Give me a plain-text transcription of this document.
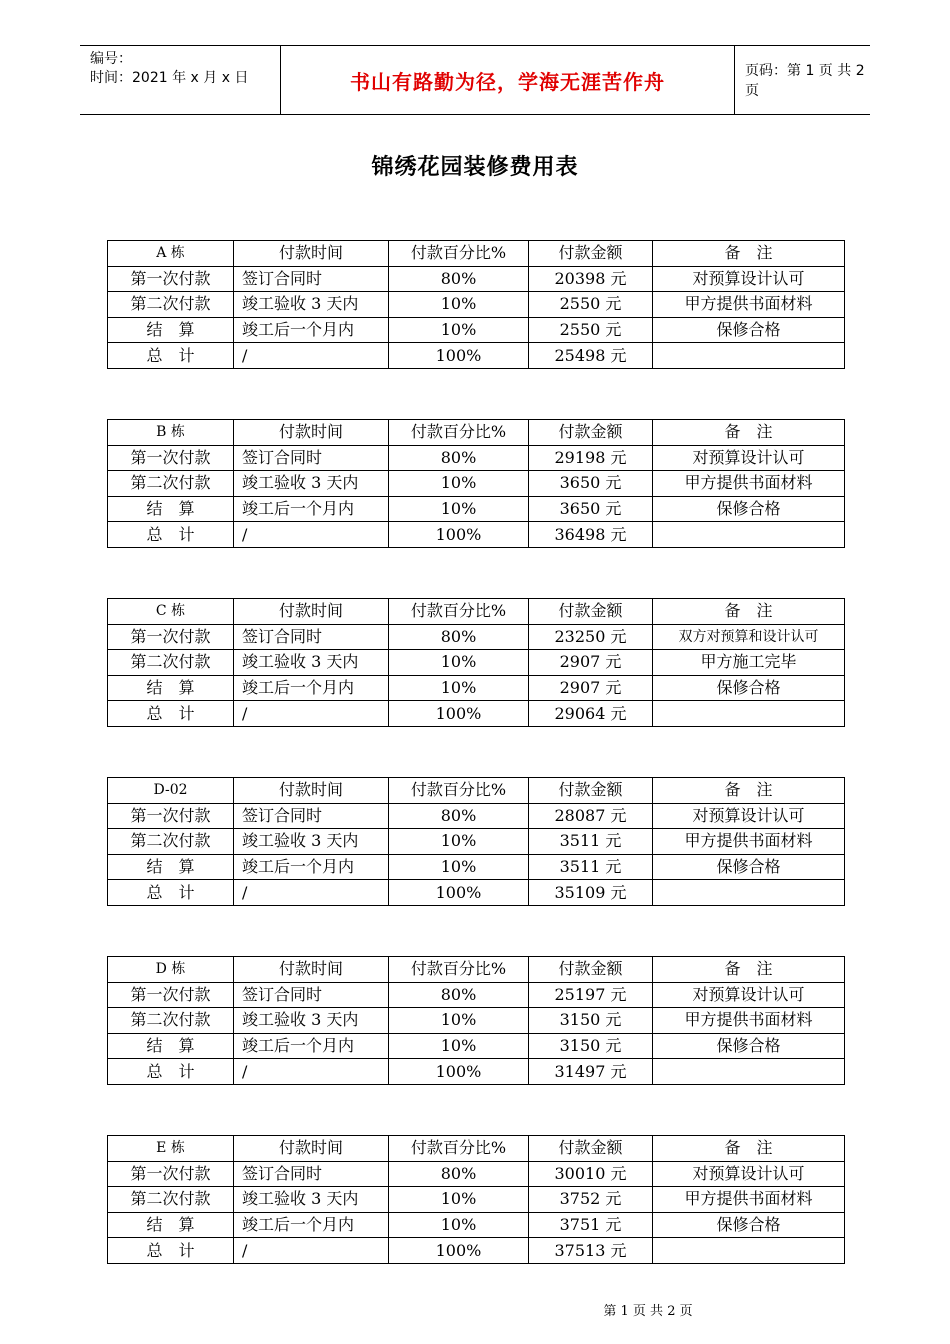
编号：
时间：2021 年 x 月 x 日	书山有路勤为径，学海无涯苦作舟	页码：第 1 页 共 2 页
锦绣花园装修费用表
A 栋	付款时间	付款百分比%	付款金额	备　注
第一次付款	签订合同时	80%	20398 元	对预算设计认可
第二次付款	竣工验收 3 天内	10%	2550 元	甲方提供书面材料
结　算	竣工后一个月内	10%	2550 元	保修合格
总　计	/	100%	25498 元	
B 栋	付款时间	付款百分比%	付款金额	备　注
第一次付款	签订合同时	80%	29198 元	对预算设计认可
第二次付款	竣工验收 3 天内	10%	3650 元	甲方提供书面材料
结　算	竣工后一个月内	10%	3650 元	保修合格
总　计	/	100%	36498 元	
C 栋	付款时间	付款百分比%	付款金额	备　注
第一次付款	签订合同时	80%	23250 元	双方对预算和设计认可
第二次付款	竣工验收 3 天内	10%	2907 元	甲方施工完毕
结　算	竣工后一个月内	10%	2907 元	保修合格
总　计	/	100%	29064 元	
D-02	付款时间	付款百分比%	付款金额	备　注
第一次付款	签订合同时	80%	28087 元	对预算设计认可
第二次付款	竣工验收 3 天内	10%	3511 元	甲方提供书面材料
结　算	竣工后一个月内	10%	3511 元	保修合格
总　计	/	100%	35109 元	
D 栋	付款时间	付款百分比%	付款金额	备　注
第一次付款	签订合同时	80%	25197 元	对预算设计认可
第二次付款	竣工验收 3 天内	10%	3150 元	甲方提供书面材料
结　算	竣工后一个月内	10%	3150 元	保修合格
总　计	/	100%	31497 元	
E 栋	付款时间	付款百分比%	付款金额	备　注
第一次付款	签订合同时	80%	30010 元	对预算设计认可
第二次付款	竣工验收 3 天内	10%	3752 元	甲方提供书面材料
结　算	竣工后一个月内	10%	3751 元	保修合格
总　计	/	100%	37513 元	
第 1 页 共 2 页
